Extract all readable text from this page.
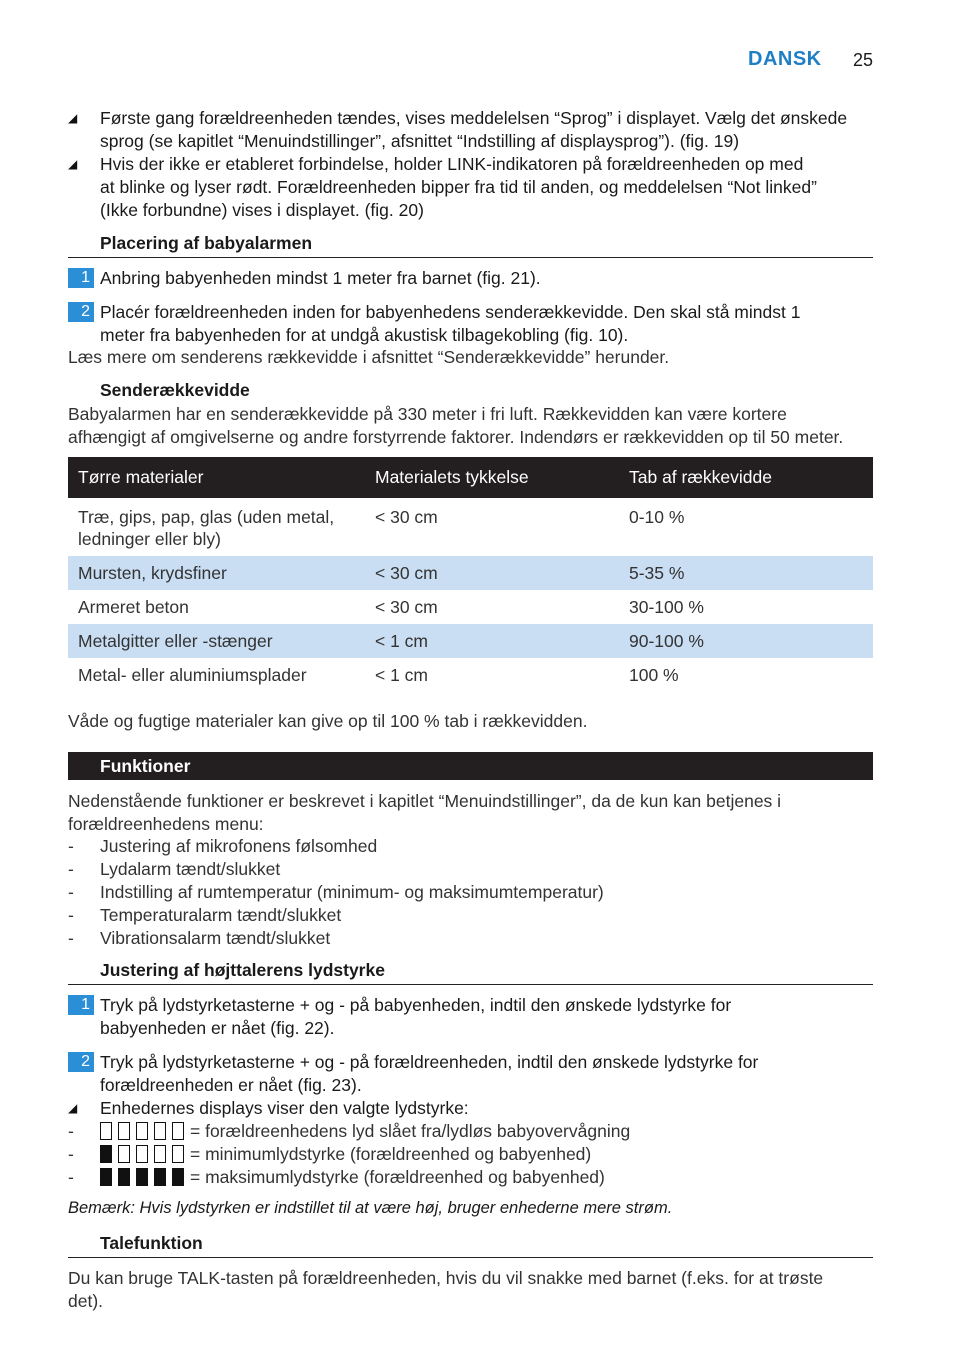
DANSK 25
◢ Første gang forældreenheden tændes, vises meddelelsen “Sprog” i displayet. Vælg det ønskede
sprog (se kapitlet “Menuindstillinger”, afsnittet “Indstilling af displaysprog”). (fig. 19)
◢ Hvis der ikke er etableret forbindelse, holder LINK-indikatoren på forældreenheden op med
at blinke og lyser rødt. Forældreenheden bipper fra tid til anden, og meddelelsen “Not linked”
(Ikke forbundne) vises i displayet. (fig. 20)
Placering af babyalarmen
1 Anbring babyenheden mindst 1 meter fra barnet (fig. 21).
2 Placér forældreenheden inden for babyenhedens senderækkevidde. Den skal stå mindst 1
meter fra babyenheden for at undgå akustisk tilbagekobling (fig. 10).
Læs mere om senderens rækkevidde i afsnittet “Senderækkevidde” herunder.
Senderækkevidde
Babyalarmen har en senderækkevidde på 330 meter i fri luft. Rækkevidden kan være kortere
afhængigt af omgivelserne og andre forstyrrende faktorer. Indendørs er rækkevidden op til 50 meter.
Tørre materialer	Materialets tykkelse	Tab af rækkevidde
Træ, gips, pap, glas (uden metal, ledninger eller bly)	< 30 cm	0-10 %
Mursten, krydsfiner	< 30 cm	5-35 %
Armeret beton	< 30 cm	30-100 %
Metalgitter eller -stænger	< 1 cm	90-100 %
Metal- eller aluminiumsplader	< 1 cm	100 %
Våde og fugtige materialer kan give op til 100 % tab i rækkevidden.
Funktioner
Nedenstående funktioner er beskrevet i kapitlet “Menuindstillinger”, da de kun kan betjenes i
forældreenhedens menu:
- Justering af mikrofonens følsomhed
- Lydalarm tændt/slukket
- Indstilling af rumtemperatur (minimum- og maksimumtemperatur)
- Temperaturalarm tændt/slukket
- Vibrationsalarm tændt/slukket
Justering af højttalerens lydstyrke
1 Tryk på lydstyrketasterne + og - på babyenheden, indtil den ønskede lydstyrke for
babyenheden er nået (fig. 22).
2 Tryk på lydstyrketasterne + og - på forældreenheden, indtil den ønskede lydstyrke for
forældreenheden er nået (fig. 23).
◢ Enhedernes displays viser den valgte lydstyrke:
-	= forældreenhedens lyd slået fra/lydløs babyovervågning
-	= minimumlydstyrke (forældreenhed og babyenhed)
-	= maksimumlydstyrke (forældreenhed og babyenhed)
Bemærk: Hvis lydstyrken er indstillet til at være høj, bruger enhederne mere strøm.
Talefunktion
Du kan bruge TALK-tasten på forældreenheden, hvis du vil snakke med barnet (f.eks. for at trøste
det).
